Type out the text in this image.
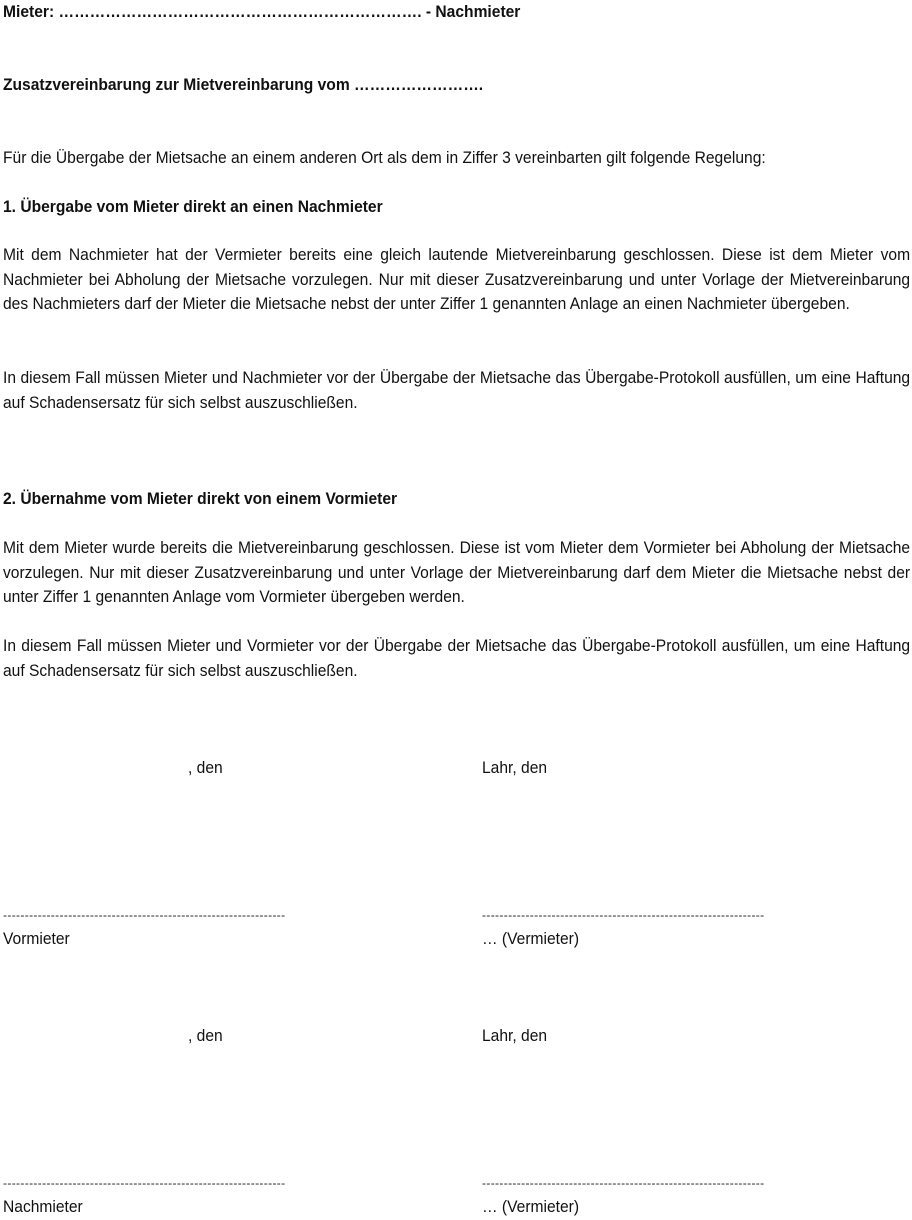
Mieter: ……………………………………………………………. - Nachmieter
Zusatzvereinbarung zur Mietvereinbarung vom …………………….
Für die Übergabe der Mietsache an einem anderen Ort als dem in Ziffer 3 vereinbarten gilt folgende Regelung:
1. Übergabe vom Mieter direkt an einen Nachmieter

Mit dem Nachmieter hat der Vermieter bereits eine gleich lautende Mietvereinbarung geschlossen. Diese ist dem Mieter vom Nachmieter bei Abholung der Mietsache vorzulegen. Nur mit dieser Zusatzvereinbarung und unter Vorlage der Mietvereinbarung des Nachmieters darf der Mieter die Mietsache nebst der unter Ziffer 1 genannten Anlage an einen Nachmieter übergeben.

In diesem Fall müssen Mieter und Nachmieter vor der Übergabe der Mietsache das Übergabe-Protokoll ausfüllen, um eine Haftung auf Schadensersatz für sich selbst auszuschließen.

2. Übernahme vom Mieter direkt von einem Vormieter

Mit dem Mieter wurde bereits die Mietvereinbarung geschlossen. Diese ist vom Mieter dem Vormieter bei Abholung der Mietsache vorzulegen. Nur mit dieser Zusatzvereinbarung und unter Vorlage der Mietvereinbarung darf dem Mieter die Mietsache nebst der unter Ziffer 1 genannten Anlage vom Vormieter übergeben werden.

In diesem Fall müssen Mieter und Vormieter vor der Übergabe der Mietsache das Übergabe-Protokoll ausfüllen, um eine Haftung auf Schadensersatz für sich selbst auszuschließen.

, den	Lahr, den
-----------------------------------------------------------------	-----------------------------------------------------------------
Vormieter	… (Vermieter)
, den	Lahr, den
-----------------------------------------------------------------	-----------------------------------------------------------------
Nachmieter	… (Vermieter)
